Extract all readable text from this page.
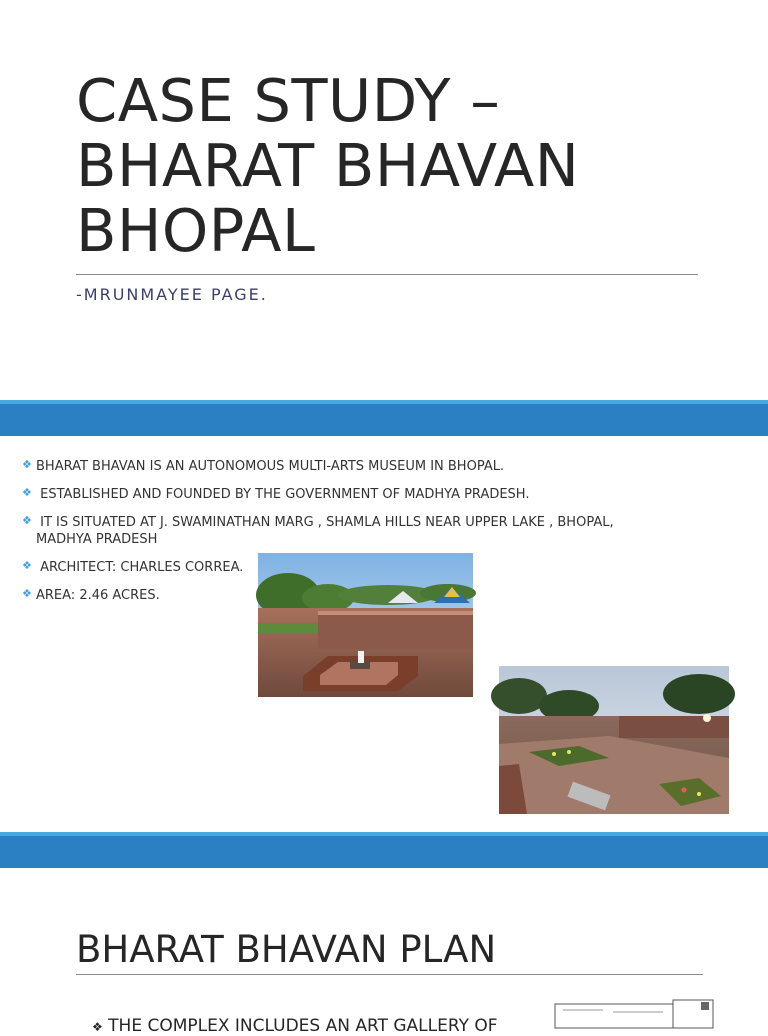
CASE STUDY –
BHARAT BHAVAN
BHOPAL
-MRUNMAYEE PAGE.
❖ BHARAT BHAVAN IS AN AUTONOMOUS MULTI-ARTS MUSEUM IN BHOPAL.
❖ ESTABLISHED AND FOUNDED BY THE GOVERNMENT OF MADHYA PRADESH.
❖ IT IS SITUATED AT J. SWAMINATHAN MARG , SHAMLA HILLS NEAR UPPER LAKE , BHOPAL, MADHYA PRADESH
❖ ARCHITECT: CHARLES CORREA.
❖ AREA: 2.46 ACRES.
BHARAT BHAVAN PLAN
❖ THE COMPLEX INCLUDES AN ART GALLERY OF
